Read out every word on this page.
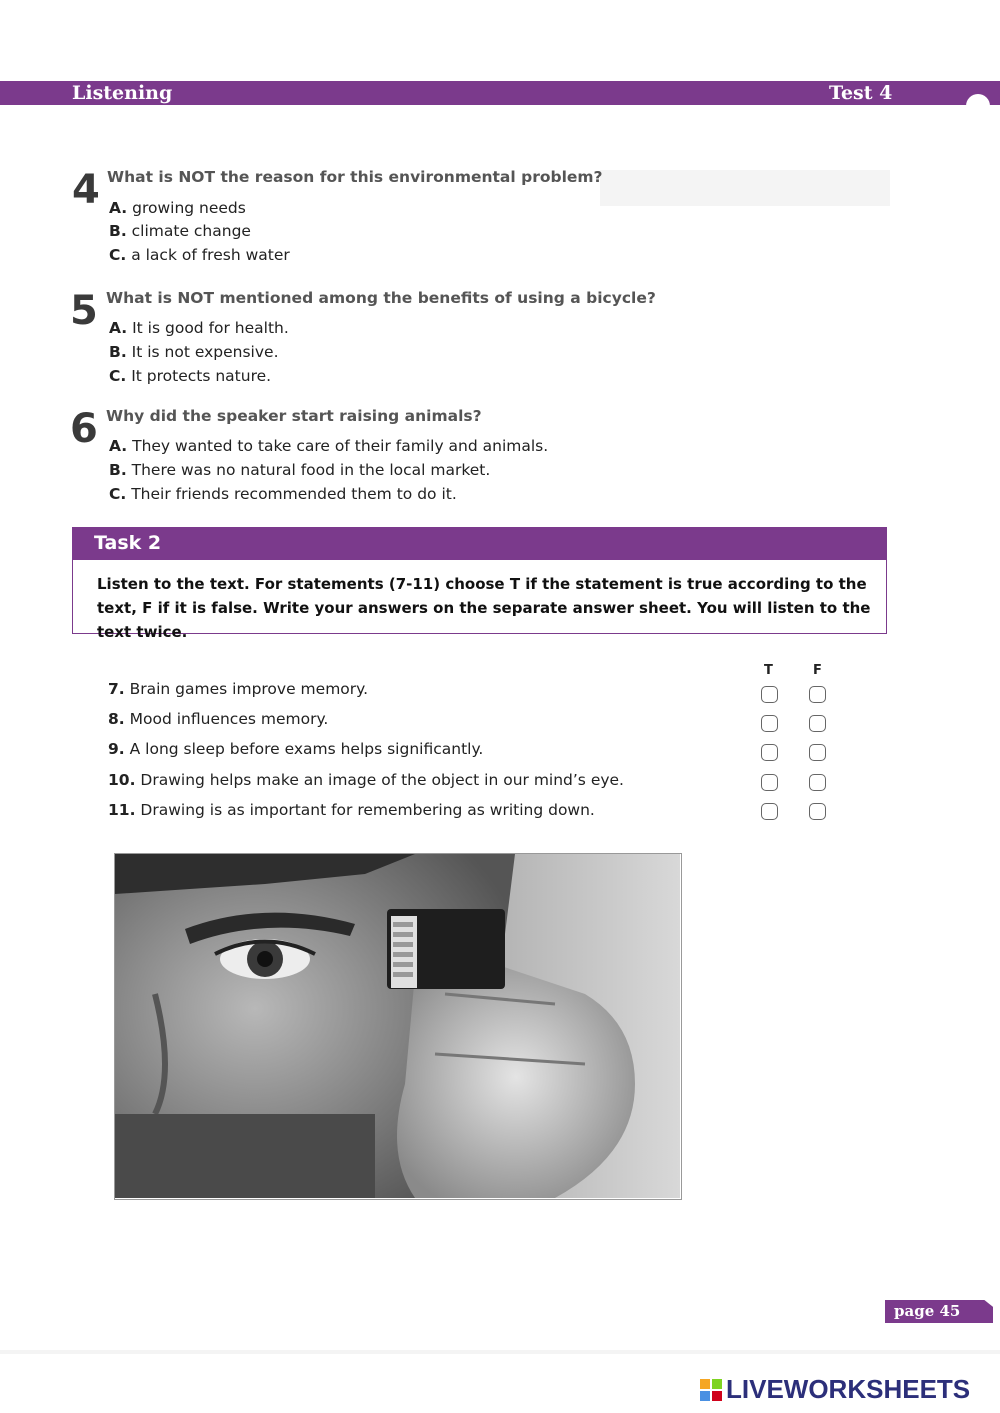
Listening	Test 4
4 What is NOT the reason for this environmental problem?
A. growing needs
B. climate change
C. a lack of fresh water
5 What is NOT mentioned among the benefits of using a bicycle?
A. It is good for health.
B. It is not expensive.
C. It protects nature.
6 Why did the speaker start raising animals?
A. They wanted to take care of their family and animals.
B. There was no natural food in the local market.
C. Their friends recommended them to do it.
Task 2
Listen to the text. For statements (7-11) choose T if the statement is true according to the text, F if it is false. Write your answers on the separate answer sheet. You will listen to the text twice.
T	F
7. Brain games improve memory.
8. Mood influences memory.
9. A long sleep before exams helps significantly.
10. Drawing helps make an image of the object in our mind’s eye.
11. Drawing is as important for remembering as writing down.
page 45
LIVEWORKSHEETS
